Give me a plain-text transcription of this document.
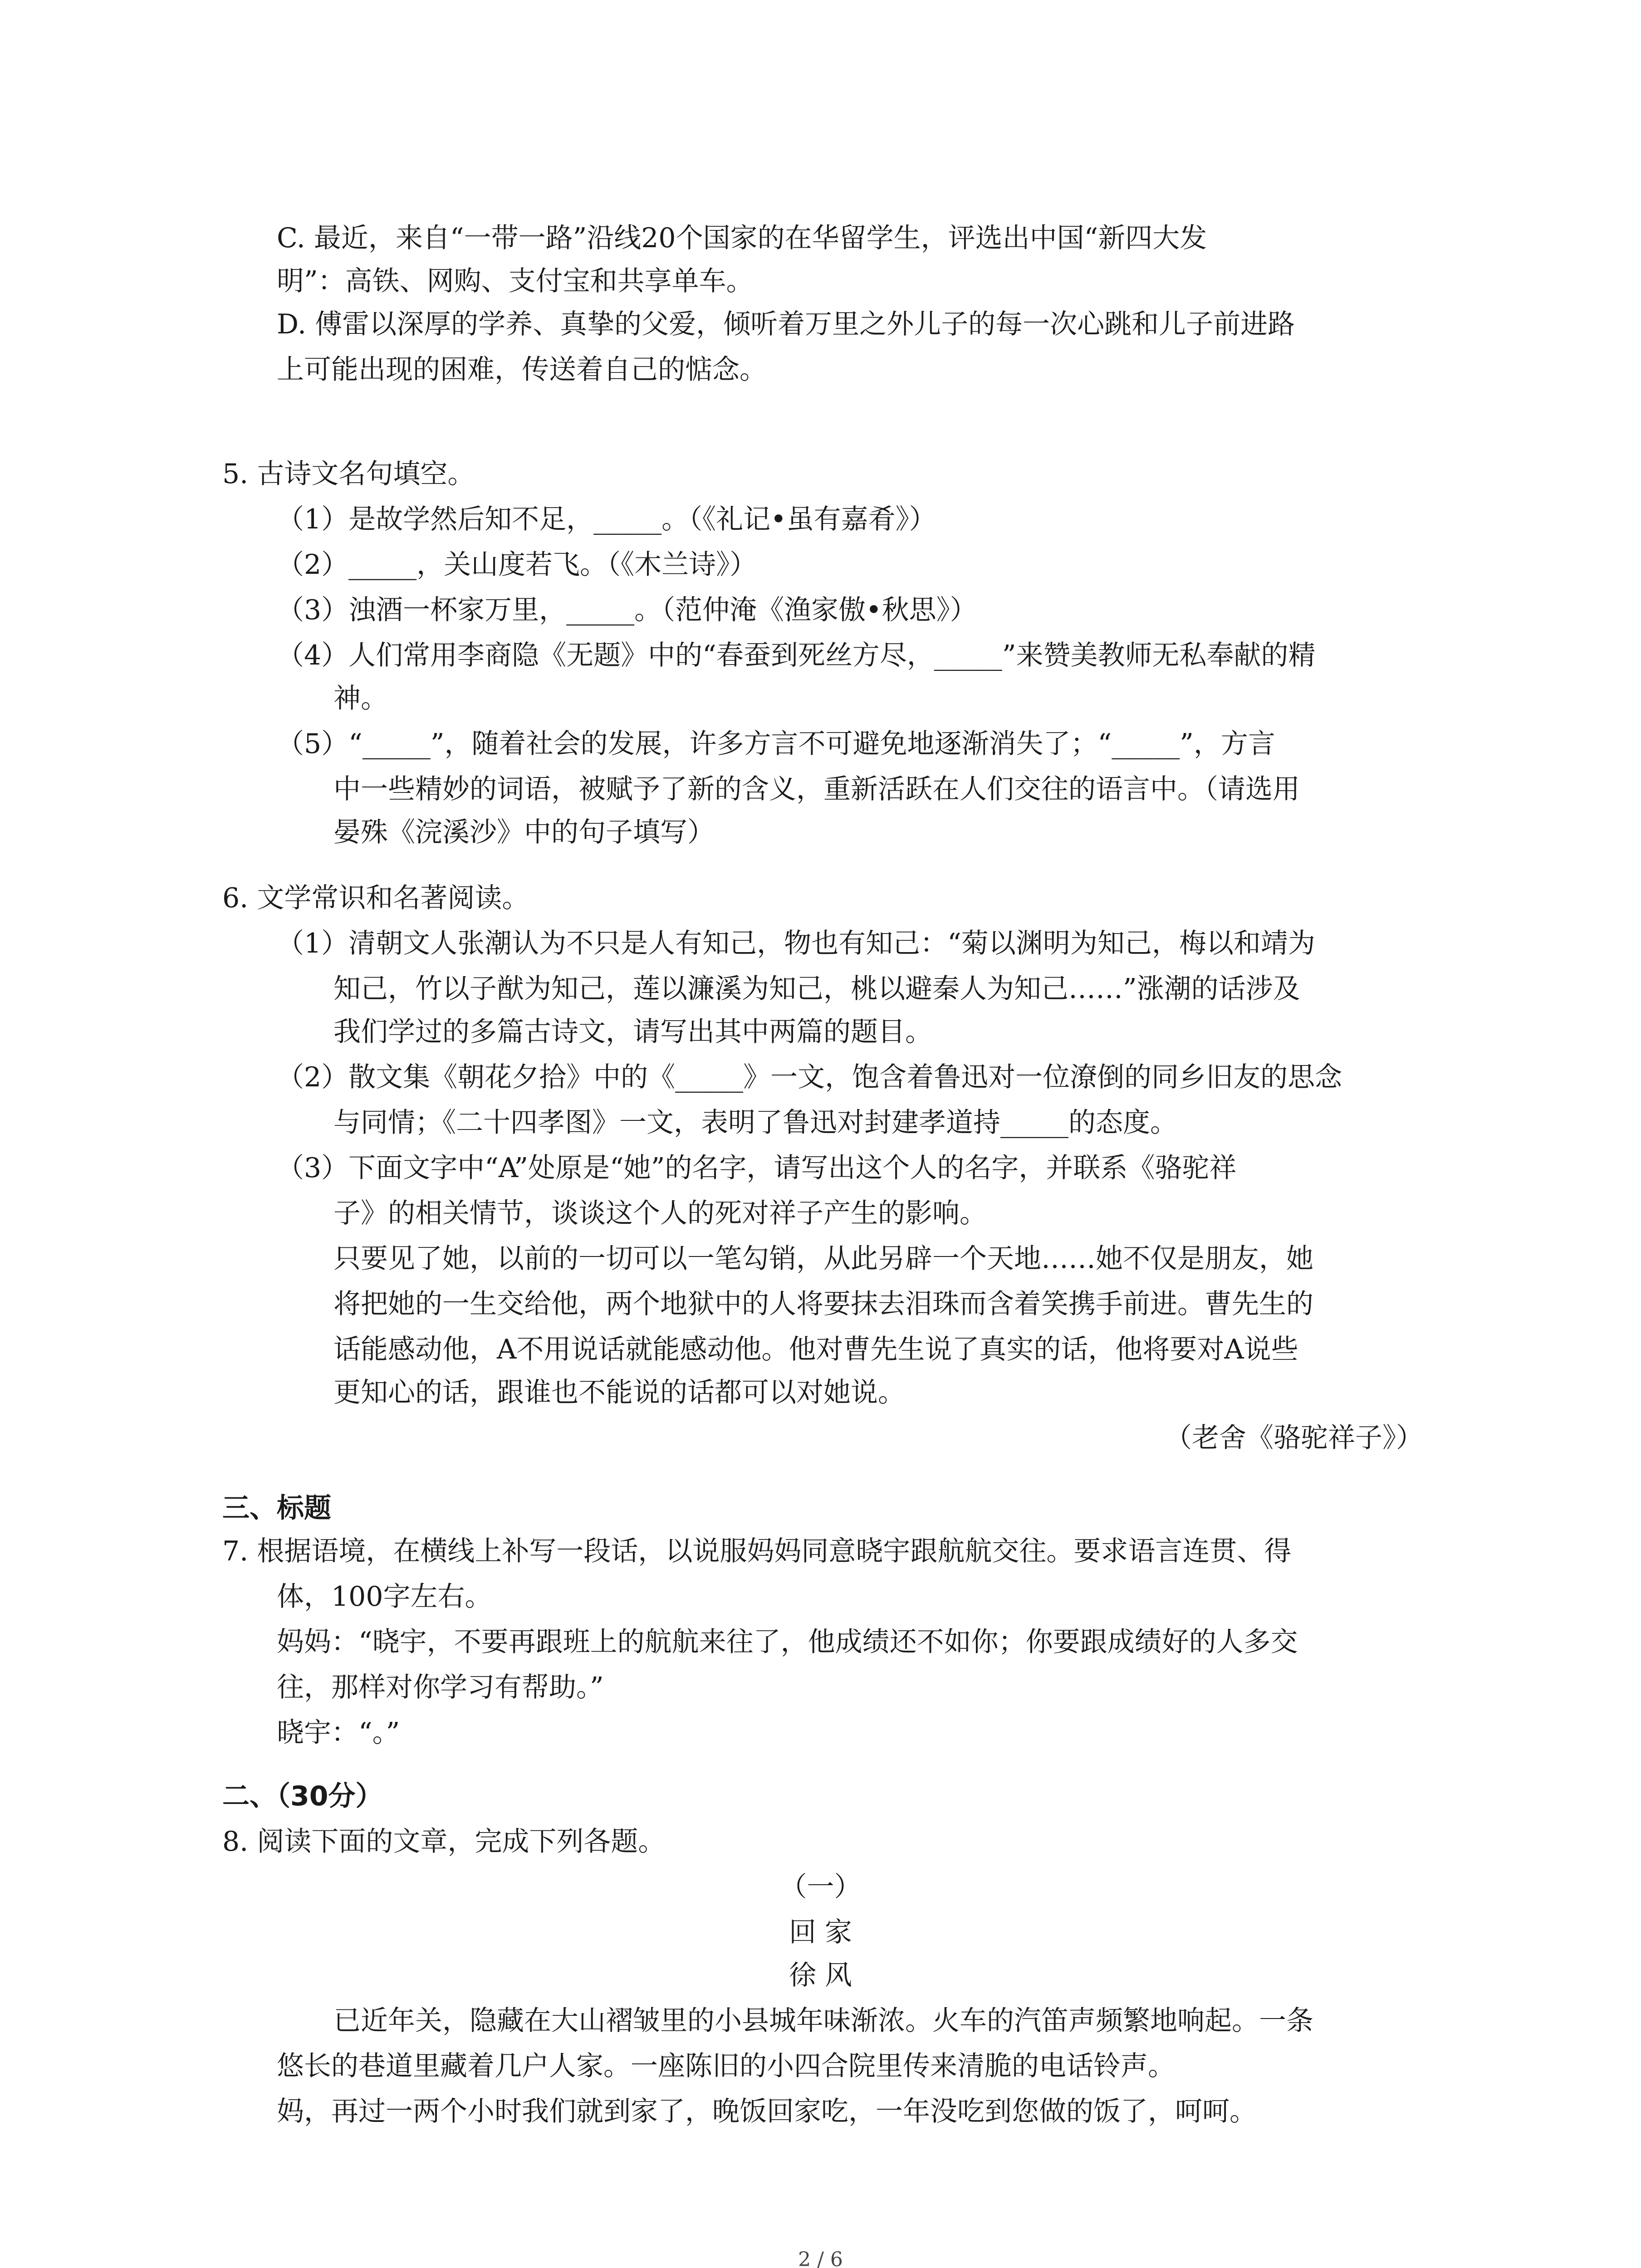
C. 最近，来自“一带一路”沿线20个国家的在华留学生，评选出中国“新四大发
明”：高铁、网购、支付宝和共享单车。
D. 傅雷以深厚的学养、真挚的父爱，倾听着万里之外儿子的每一次心跳和儿子前进路
上可能出现的困难，传送着自己的惦念。
5. 古诗文名句填空。
（1）是故学然后知不足，_____。（《礼记•虽有嘉肴》）
（2）_____，关山度若飞。（《木兰诗》）
（3）浊酒一杯家万里，_____。（范仲淹《渔家傲•秋思》）
（4）人们常用李商隐《无题》中的“春蚕到死丝方尽，_____”来赞美教师无私奉献的精
神。
（5）“_____”，随着社会的发展，许多方言不可避免地逐渐消失了；“_____”，方言
中一些精妙的词语，被赋予了新的含义，重新活跃在人们交往的语言中。（请选用
晏殊《浣溪沙》中的句子填写）
6. 文学常识和名著阅读。
（1）清朝文人张潮认为不只是人有知己，物也有知己：“菊以渊明为知己，梅以和靖为
知己，竹以子猷为知己，莲以濂溪为知己，桃以避秦人为知己……”涨潮的话涉及
我们学过的多篇古诗文，请写出其中两篇的题目。
（2）散文集《朝花夕拾》中的《_____》一文，饱含着鲁迅对一位潦倒的同乡旧友的思念
与同情；《二十四孝图》一文，表明了鲁迅对封建孝道持_____的态度。
（3）下面文字中“A”处原是“她”的名字，请写出这个人的名字，并联系《骆驼祥
子》的相关情节，谈谈这个人的死对祥子产生的影响。
只要见了她，以前的一切可以一笔勾销，从此另辟一个天地……她不仅是朋友，她
将把她的一生交给他，两个地狱中的人将要抹去泪珠而含着笑携手前进。曹先生的
话能感动他，A不用说话就能感动他。他对曹先生说了真实的话，他将要对A说些
更知心的话，跟谁也不能说的话都可以对她说。
（老舍《骆驼祥子》）
三、标题
7. 根据语境，在横线上补写一段话，以说服妈妈同意晓宇跟航航交往。要求语言连贯、得
体，100字左右。
妈妈：“晓宇，不要再跟班上的航航来往了，他成绩还不如你；你要跟成绩好的人多交
往，那样对你学习有帮助。”
晓宇：“。”
二、（30分）
8. 阅读下面的文章，完成下列各题。
（一）
回 家
徐 风
已近年关，隐藏在大山褶皱里的小县城年味渐浓。火车的汽笛声频繁地响起。一条
悠长的巷道里藏着几户人家。一座陈旧的小四合院里传来清脆的电话铃声。
妈，再过一两个小时我们就到家了，晚饭回家吃，一年没吃到您做的饭了，呵呵。
2 / 6
